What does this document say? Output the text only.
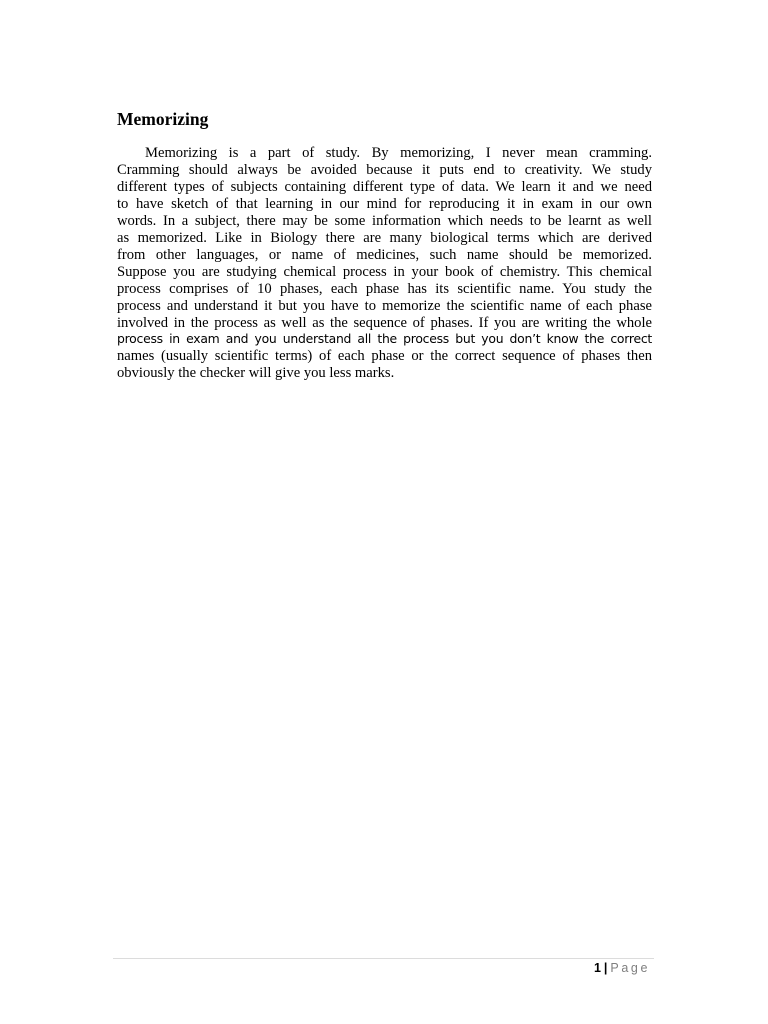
Memorizing
Memorizing is a part of study. By memorizing, I never mean cramming.
Cramming should always be avoided because it puts end to creativity. We study
different types of subjects containing different type of data. We learn it and we need
to have sketch of that learning in our mind for reproducing it in exam in our own
words. In a subject, there may be some information which needs to be learnt as well
as memorized. Like in Biology there are many biological terms which are derived
from other languages, or name of medicines, such name should be memorized.
Suppose you are studying chemical process in your book of chemistry. This chemical
process comprises of 10 phases, each phase has its scientific name. You study the
process and understand it but you have to memorize the scientific name of each phase
involved in the process as well as the sequence of phases. If you are writing the whole
process in exam and you understand all the process but you don’t know the correct
names (usually scientific terms) of each phase or the correct sequence of phases then
obviously the checker will give you less marks.
1 | Page
